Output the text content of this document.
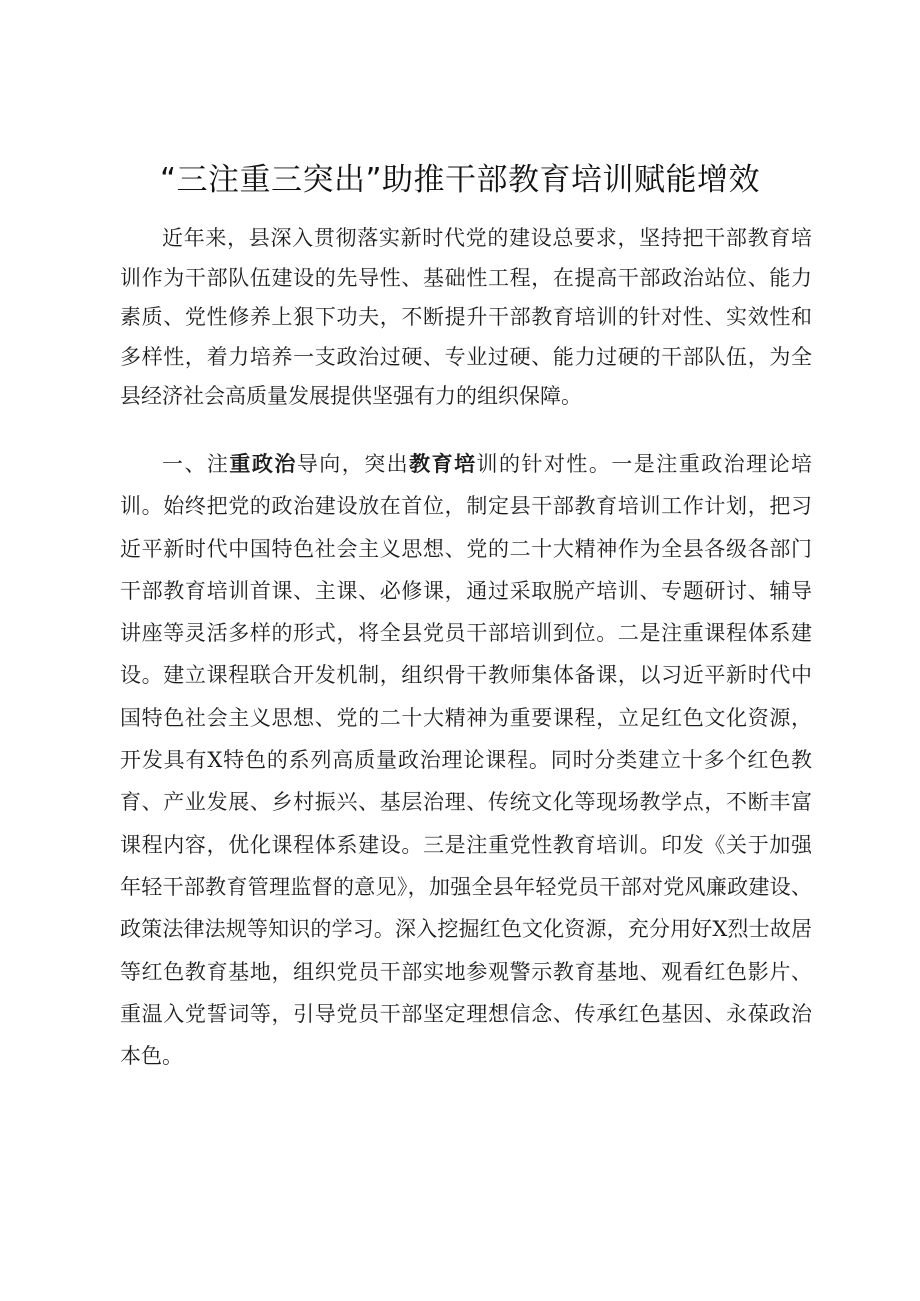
“三注重三突出”助推干部教育培训赋能增效

近年来，县深入贯彻落实新时代党的建设总要求，坚持把干部教育培训作为干部队伍建设的先导性、基础性工程，在提高干部政治站位、能力素质、党性修养上狠下功夫，不断提升干部教育培训的针对性、实效性和多样性，着力培养一支政治过硬、专业过硬、能力过硬的干部队伍，为全县经济社会高质量发展提供坚强有力的组织保障。

一、注重政治导向，突出教育培训的针对性。一是注重政治理论培训。始终把党的政治建设放在首位，制定县干部教育培训工作计划，把习近平新时代中国特色社会主义思想、党的二十大精神作为全县各级各部门干部教育培训首课、主课、必修课，通过采取脱产培训、专题研讨、辅导讲座等灵活多样的形式，将全县党员干部培训到位。二是注重课程体系建设。建立课程联合开发机制，组织骨干教师集体备课，以习近平新时代中国特色社会主义思想、党的二十大精神为重要课程，立足红色文化资源，开发具有X特色的系列高质量政治理论课程。同时分类建立十多个红色教育、产业发展、乡村振兴、基层治理、传统文化等现场教学点，不断丰富课程内容，优化课程体系建设。三是注重党性教育培训。印发《关于加强年轻干部教育管理监督的意见》，加强全县年轻党员干部对党风廉政建设、政策法律法规等知识的学习。深入挖掘红色文化资源，充分用好X烈士故居等红色教育基地，组织党员干部实地参观警示教育基地、观看红色影片、重温入党誓词等，引导党员干部坚定理想信念、传承红色基因、永葆政治本色。
